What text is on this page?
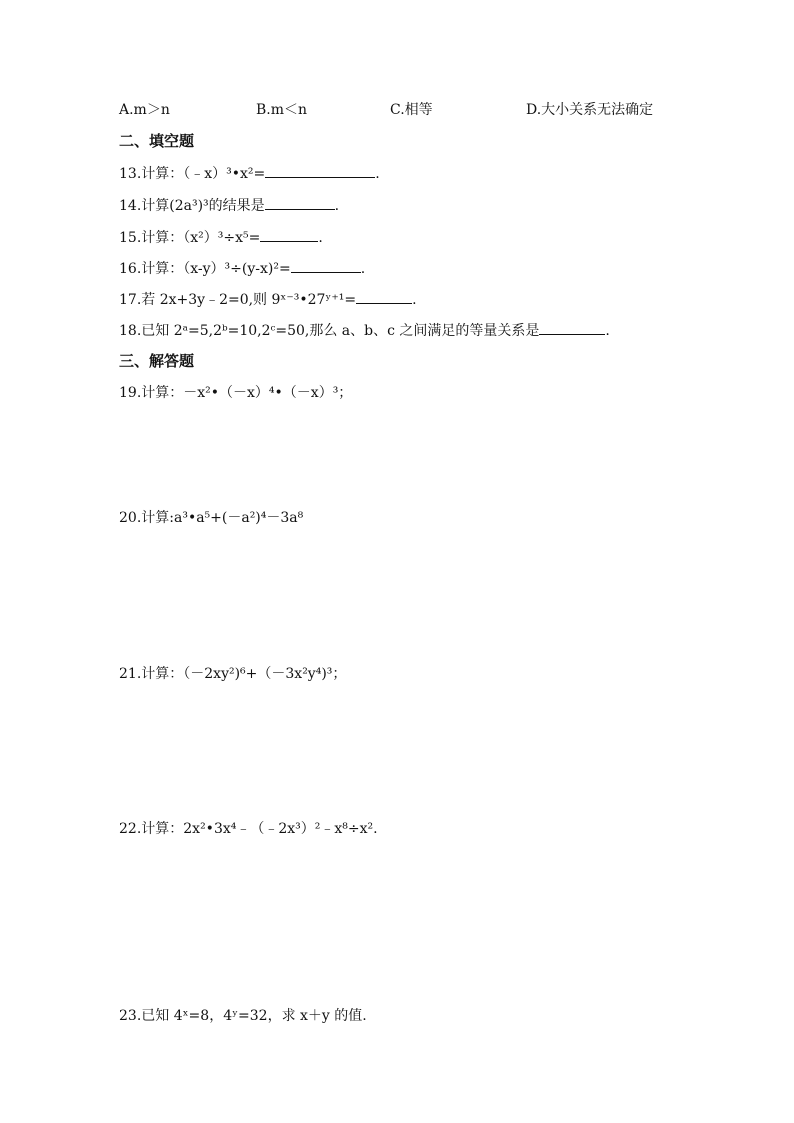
A.m＞n	B.m＜n	C.相等	D.大小关系无法确定
二、填空题
13.计算：（﹣x）³•x²=	.
14.计算(2a³)³的结果是	.
15.计算：（x²）³÷x⁵=	.
16.计算：（x-y）³÷(y-x)²=	.
17.若 2x+3y﹣2=0,则 9ˣ⁻³•27ʸ⁺¹=	.
18.已知 2ᵃ=5,2ᵇ=10,2ᶜ=50,那么 a、b、c 之间满足的等量关系是	.
三、解答题
19.计算：－x²•（－x）⁴•（－x）³；
20.计算:a³•a⁵+(－a²)⁴－3a⁸
21.计算：（－2xy²)⁶+（－3x²y⁴)³；
22.计算：2x²•3x⁴﹣（﹣2x³）²﹣x⁸÷x².
23.已知 4ˣ=8，4ʸ=32，求 x＋y 的值.
